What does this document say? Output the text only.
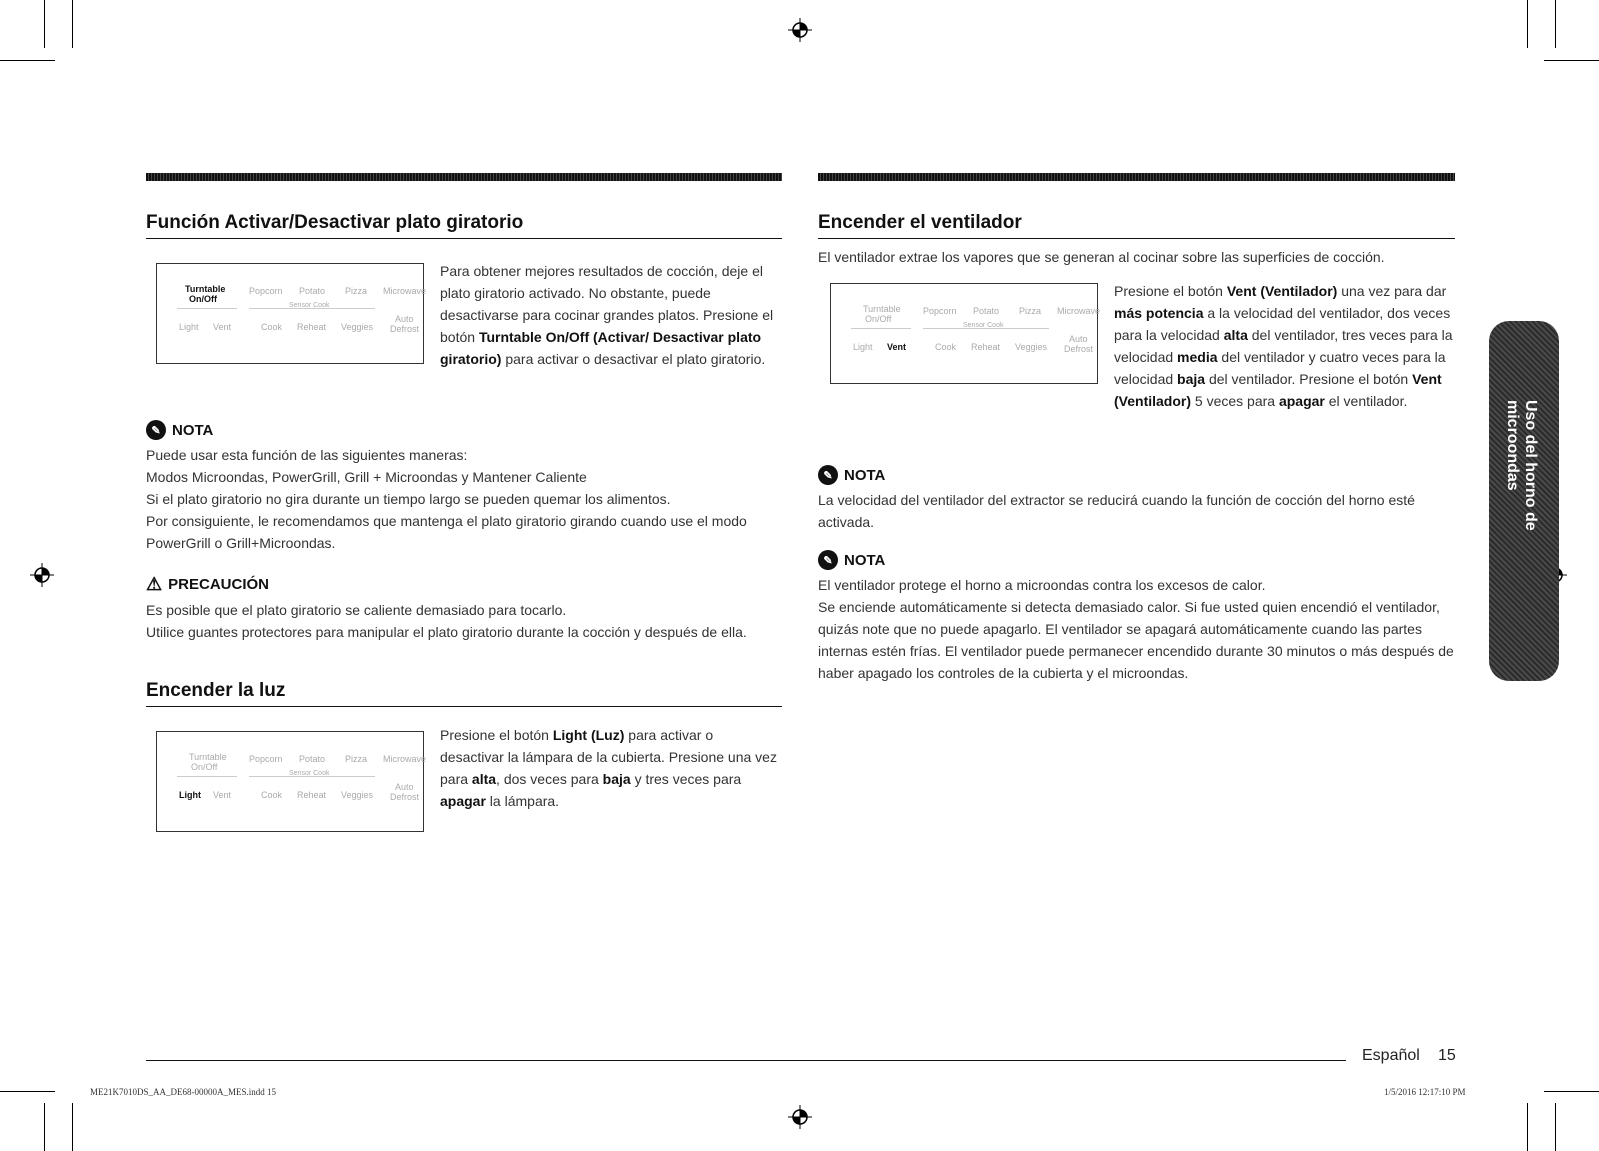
Función Activar/Desactivar plato giratorio
Turntable
On/Off
Popcorn Potato Pizza Microwave
Sensor Cook
Light Vent	Cook Reheat Veggies
Auto
Defrost

Para obtener mejores resultados de cocción, deje el plato giratorio activado. No obstante, puede desactivarse para cocinar grandes platos. Presione el botón Turntable On/Off (Activar/ Desactivar plato giratorio) para activar o desactivar el plato giratorio.

✎ NOTA

Puede usar esta función de las siguientes maneras:

Modos Microondas, PowerGrill, Grill + Microondas y Mantener Caliente

Si el plato giratorio no gira durante un tiempo largo se pueden quemar los alimentos.

Por consiguiente, le recomendamos que mantenga el plato giratorio girando cuando use el modo PowerGrill o Grill+Microondas.

⚠ PRECAUCIÓN

Es posible que el plato giratorio se caliente demasiado para tocarlo.

Utilice guantes protectores para manipular el plato giratorio durante la cocción y después de ella.

Encender la luz
Turntable
On/Off
Popcorn Potato Pizza Microwave
Sensor Cook
Light Vent	Cook Reheat Veggies
Auto
Defrost

Presione el botón Light (Luz) para activar o desactivar la lámpara de la cubierta. Presione una vez para alta, dos veces para baja y tres veces para apagar la lámpara.

Encender el ventilador

El ventilador extrae los vapores que se generan al cocinar sobre las superficies de cocción.

Turntable
On/Off
Popcorn Potato Pizza Microwave
Sensor Cook
Light Vent	Cook Reheat Veggies
Auto
Defrost

Presione el botón Vent (Ventilador) una vez para dar más potencia a la velocidad del ventilador, dos veces para la velocidad alta del ventilador, tres veces para la velocidad media del ventilador y cuatro veces para la velocidad baja del ventilador. Presione el botón Vent (Ventilador) 5 veces para apagar el ventilador.

✎ NOTA

La velocidad del ventilador del extractor se reducirá cuando la función de cocción del horno esté activada.

✎ NOTA

El ventilador protege el horno a microondas contra los excesos de calor.

Se enciende automáticamente si detecta demasiado calor. Si fue usted quien encendió el ventilador, quizás note que no puede apagarlo. El ventilador se apagará automáticamente cuando las partes internas estén frías. El ventilador puede permanecer encendido durante 30 minutos o más después de haber apagado los controles de la cubierta y el microondas.

Uso del horno de microondas
Español 15
ME21K7010DS_AA_DE68-00000A_MES.indd 15	1/5/2016 12:17:10 PM
